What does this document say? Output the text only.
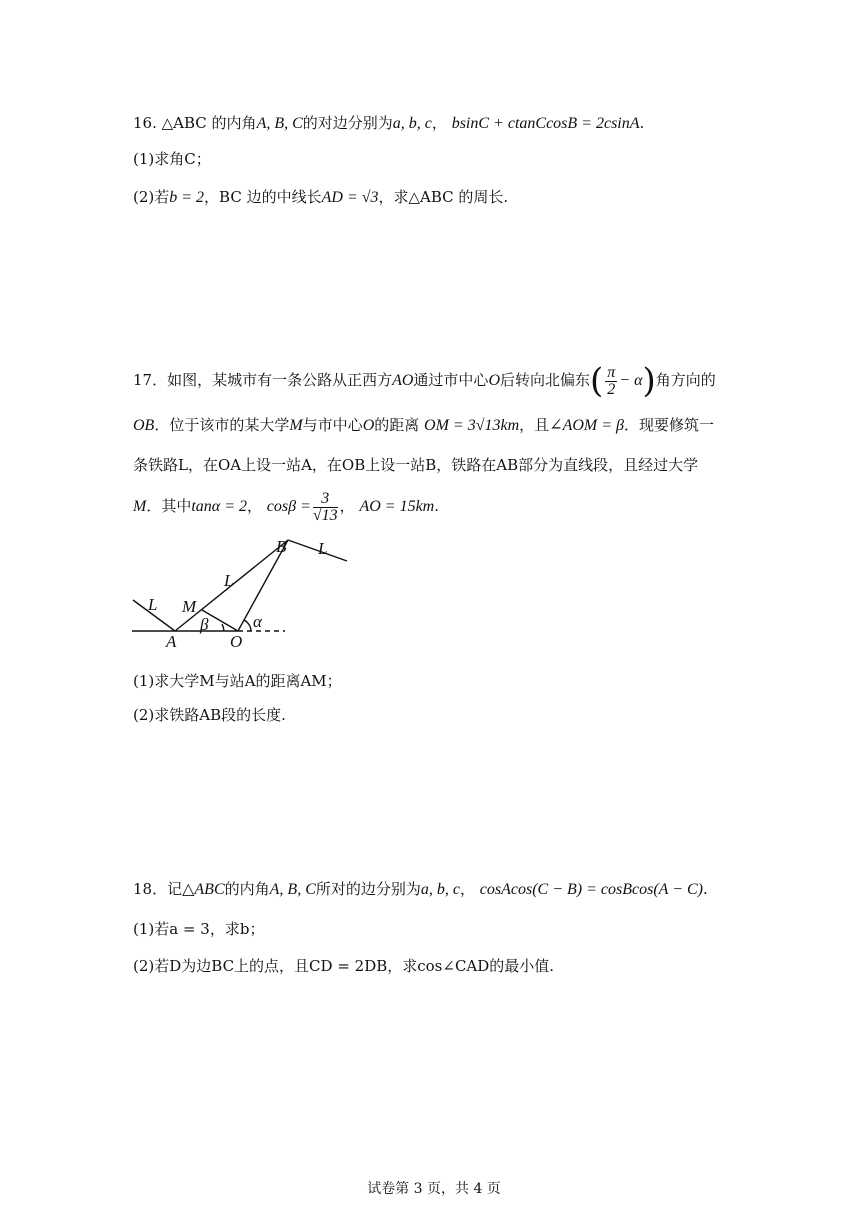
16. △ABC 的内角A, B, C的对边分别为a, b, c， bsinC + ctanCcosB = 2csinA.
(1)求角C；
(2)若b = 2，BC 边的中线长AD = √3，求△ABC 的周长.
17．如图，某城市有一条公路从正西方AO通过市中心O后转向北偏东( $\frac{\pi}{2} - \alpha$)角方向的
OB．位于该市的某大学M与市中心O的距离 OM = 3√13km，且∠AOM = β．现要修筑一
条铁路L，在OA上设一站A，在OB上设一站B，铁路在AB部分为直线段，且经过大学
M．其中tanα = 2， $\cos\beta = \frac{3}{√13}$ ， AO = 15km.
B L
L
L M
A	O
β	α
(1)求大学M与站A的距离AM；
(2)求铁路AB段的长度.
18．记△ABC的内角A, B, C所对的边分别为a, b, c， cosAcos(C − B) = cosBcos(A − C).
(1)若a = 3，求b；
(2)若D为边BC上的点，且CD = 2DB，求cos∠CAD的最小值.
试卷第 3 页，共 4 页
